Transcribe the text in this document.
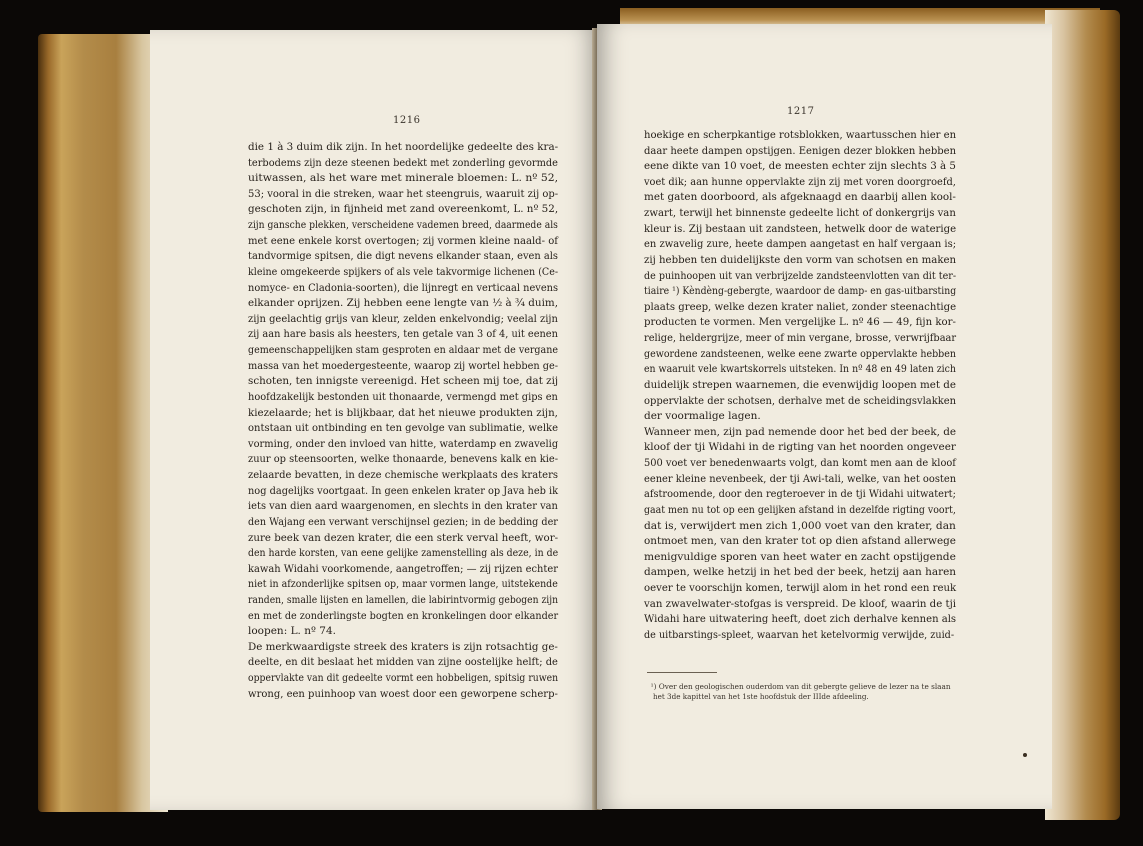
1216
die 1 à 3 duim dik zijn. In het noordelijke gedeelte des kra-
terbodems zijn deze steenen bedekt met zonderling gevormde
uitwassen, als het ware met minerale bloemen: L. nº 52,
53; vooral in die streken, waar het steengruis, waaruit zij op-
geschoten zijn, in fijnheid met zand overeenkomt, L. nº 52,
zijn gansche plekken, verscheidene vademen breed, daarmede als
met eene enkele korst overtogen; zij vormen kleine naald- of
tandvormige spitsen, die digt nevens elkander staan, even als
kleine omgekeerde spijkers of als vele takvormige lichenen (Ce-
nomyce- en Cladonia-soorten), die lijnregt en verticaal nevens
elkander oprijzen. Zij hebben eene lengte van ½ à ¾ duim,
zijn geelachtig grijs van kleur, zelden enkelvondig; veelal zijn
zij aan hare basis als heesters, ten getale van 3 of 4, uit eenen
gemeenschappelijken stam gesproten en aldaar met de vergane
massa van het moedergesteente, waarop zij wortel hebben ge-
schoten, ten innigste vereenigd. Het scheen mij toe, dat zij
hoofdzakelijk bestonden uit thonaarde, vermengd met gips en
kiezelaarde; het is blijkbaar, dat het nieuwe produkten zijn,
ontstaan uit ontbinding en ten gevolge van sublimatie, welke
vorming, onder den invloed van hitte, waterdamp en zwavelig
zuur op steensoorten, welke thonaarde, benevens kalk en kie-
zelaarde bevatten, in deze chemische werkplaats des kraters
nog dagelijks voortgaat. In geen enkelen krater op Java heb ik
iets van dien aard waargenomen, en slechts in den krater van
den Wajang een verwant verschijnsel gezien; in de bedding der
zure beek van dezen krater, die een sterk verval heeft, wor-
den harde korsten, van eene gelijke zamenstelling als deze, in de
kawah Widahi voorkomende, aangetroffen; — zij rijzen echter
niet in afzonderlijke spitsen op, maar vormen lange, uitstekende
randen, smalle lijsten en lamellen, die labirintvormig gebogen zijn
en met de zonderlingste bogten en kronkelingen door elkander
loopen: L. nº 74.
De merkwaardigste streek des kraters is zijn rotsachtig ge-
deelte, en dit beslaat het midden van zijne oostelijke helft; de
oppervlakte van dit gedeelte vormt een hobbeligen, spitsig ruwen
wrong, een puinhoop van woest door een geworpene scherp-
1217
hoekige en scherpkantige rotsblokken, waartusschen hier en
daar heete dampen opstijgen. Eenigen dezer blokken hebben
eene dikte van 10 voet, de meesten echter zijn slechts 3 à 5
voet dik; aan hunne oppervlakte zijn zij met voren doorgroefd,
met gaten doorboord, als afgeknaagd en daarbij allen kool-
zwart, terwijl het binnenste gedeelte licht of donkergrijs van
kleur is. Zij bestaan uit zandsteen, hetwelk door de waterige
en zwavelig zure, heete dampen aangetast en half vergaan is;
zij hebben ten duidelijkste den vorm van schotsen en maken
de puinhoopen uit van verbrijzelde zandsteenvlotten van dit ter-
tiaire ¹) Kèndèng-gebergte, waardoor de damp- en gas-uitbarsting
plaats greep, welke dezen krater naliet, zonder steenachtige
producten te vormen. Men vergelijke L. nº 46 — 49, fijn kor-
relige, heldergrijze, meer of min vergane, brosse, verwrijfbaar
gewordene zandsteenen, welke eene zwarte oppervlakte hebben
en waaruit vele kwartskorrels uitsteken. In nº 48 en 49 laten zich
duidelijk strepen waarnemen, die evenwijdig loopen met de
oppervlakte der schotsen, derhalve met de scheidingsvlakken
der voormalige lagen.
Wanneer men, zijn pad nemende door het bed der beek, de
kloof der tji Widahi in de rigting van het noorden ongeveer
500 voet ver benedenwaarts volgt, dan komt men aan de kloof
eener kleine nevenbeek, der tji Awi-tali, welke, van het oosten
afstroomende, door den regteroever in de tji Widahi uitwatert;
gaat men nu tot op een gelijken afstand in dezelfde rigting voort,
dat is, verwijdert men zich 1,000 voet van den krater, dan
ontmoet men, van den krater tot op dien afstand allerwege
menigvuldige sporen van heet water en zacht opstijgende
dampen, welke hetzij in het bed der beek, hetzij aan haren
oever te voorschijn komen, terwijl alom in het rond een reuk
van zwavelwater-stofgas is verspreid. De kloof, waarin de tji
Widahi hare uitwatering heeft, doet zich derhalve kennen als
de uitbarstings-spleet, waarvan het ketelvormig verwijde, zuid-
¹) Over den geologischen ouderdom van dit gebergte gelieve de lezer na te slaan
het 3de kapittel van het 1ste hoofdstuk der IIIde afdeeling.
